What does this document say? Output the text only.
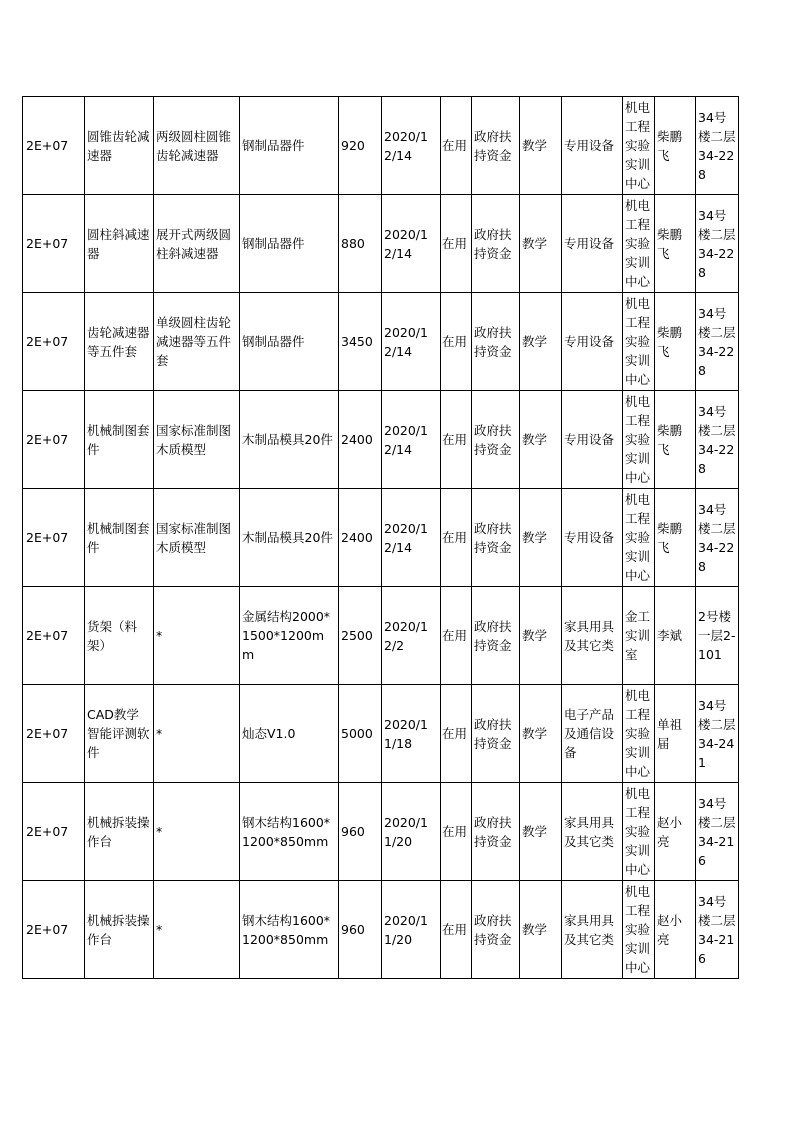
2E+07	圆锥齿轮减速器	两级圆柱圆锥齿轮减速器	钢制品器件	920	2020/12/14	在用	政府扶持资金	教学	专用设备	机电工程实验实训中心	柴鹏飞	34号楼二层34-228
2E+07	圆柱斜减速器	展开式两级圆柱斜减速器	钢制品器件	880	2020/12/14	在用	政府扶持资金	教学	专用设备	机电工程实验实训中心	柴鹏飞	34号楼二层34-228
2E+07	齿轮减速器等五件套	单级圆柱齿轮减速器等五件套	钢制品器件	3450	2020/12/14	在用	政府扶持资金	教学	专用设备	机电工程实验实训中心	柴鹏飞	34号楼二层34-228
2E+07	机械制图套件	国家标准制图木质模型	木制品模具20件	2400	2020/12/14	在用	政府扶持资金	教学	专用设备	机电工程实验实训中心	柴鹏飞	34号楼二层34-228
2E+07	机械制图套件	国家标准制图木质模型	木制品模具20件	2400	2020/12/14	在用	政府扶持资金	教学	专用设备	机电工程实验实训中心	柴鹏飞	34号楼二层34-228
2E+07	货架（料架）	*	金属结构2000*1500*1200mm	2500	2020/12/2	在用	政府扶持资金	教学	家具用具及其它类	金工实训室	李斌	2号楼一层2-101
2E+07	CAD教学智能评测软件	*	灿态V1.0	5000	2020/11/18	在用	政府扶持资金	教学	电子产品及通信设备	机电工程实验实训中心	单祖届	34号楼二层34-241
2E+07	机械拆装操作台	*	钢木结构1600*1200*850mm	960	2020/11/20	在用	政府扶持资金	教学	家具用具及其它类	机电工程实验实训中心	赵小亮	34号楼二层34-216
2E+07	机械拆装操作台	*	钢木结构1600*1200*850mm	960	2020/11/20	在用	政府扶持资金	教学	家具用具及其它类	机电工程实验实训中心	赵小亮	34号楼二层34-216
